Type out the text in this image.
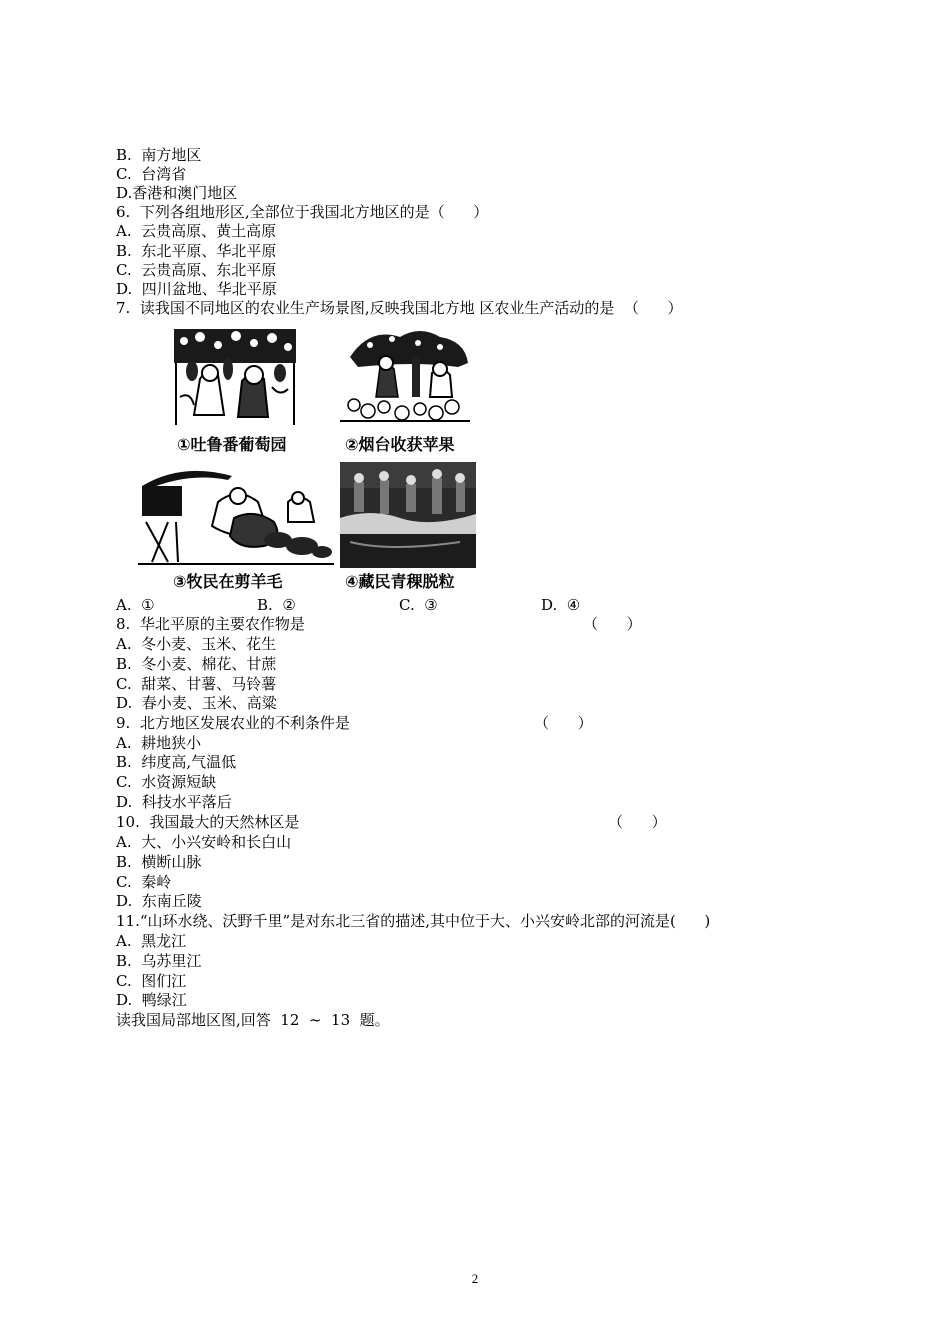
B.  南方地区
C.  台湾省
D.香港和澳门地区
6.  下列各组地形区,全部位于我国北方地区的是（      ）
A.  云贵高原、黄土高原
B.  东北平原、华北平原
C.  云贵高原、东北平原
D.  四川盆地、华北平原
7.  读我国不同地区的农业生产场景图,反映我国北方地 区农业生产活动的是  （      ）
①吐鲁番葡萄园	②烟台收获苹果
③牧民在剪羊毛	④藏民青稞脱粒
A.  ①	B.  ②	C.  ③	D.  ④
8.  华北平原的主要农作物是	（      ）
A.  冬小麦、玉米、花生
B.  冬小麦、棉花、甘蔗
C.  甜菜、甘薯、马铃薯
D.  春小麦、玉米、高粱
9.  北方地区发展农业的不利条件是	（      ）
A.  耕地狭小
B.  纬度高,气温低
C.  水资源短缺
D.  科技水平落后
10.  我国最大的天然林区是	（      ）
A.  大、小兴安岭和长白山
B.  横断山脉
C.  秦岭
D.  东南丘陵
11.“山环水绕、沃野千里”是对东北三省的描述,其中位于大、小兴安岭北部的河流是(      )
A.  黑龙江
B.  乌苏里江
C.  图们江
D.  鸭绿江
读我国局部地区图,回答  12  ~  13  题。
2
